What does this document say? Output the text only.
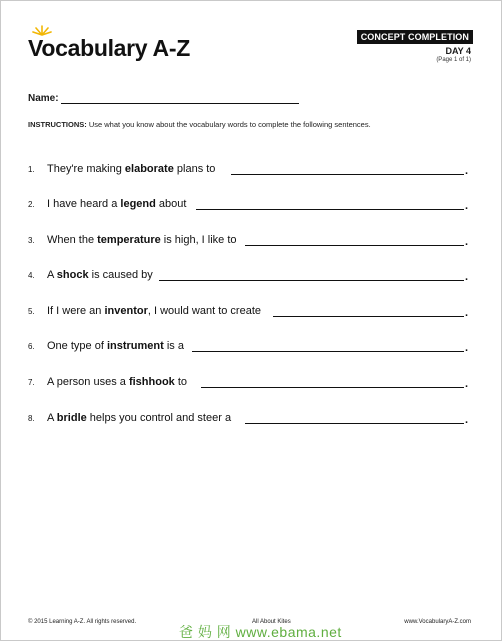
Vocabulary A-Z	CONCEPT COMPLETION
DAY 4
(Page 1 of 1)
Name:
INSTRUCTIONS: Use what you know about the vocabulary words to complete the following sentences.
1.	They're making elaborate plans to	.
2.	I have heard a legend about	.
3.	When the temperature is high, I like to	.
4.	A shock is caused by	.
5.	If I were an inventor, I would want to create	.
6.	One type of instrument is a	.
7.	A person uses a fishhook to	.
8.	A bridle helps you control and steer a	.
© 2015 Learning A-Z. All rights reserved.	All About Kites	www.VocabularyA-Z.com
爸 妈 网 www.ebama.net
